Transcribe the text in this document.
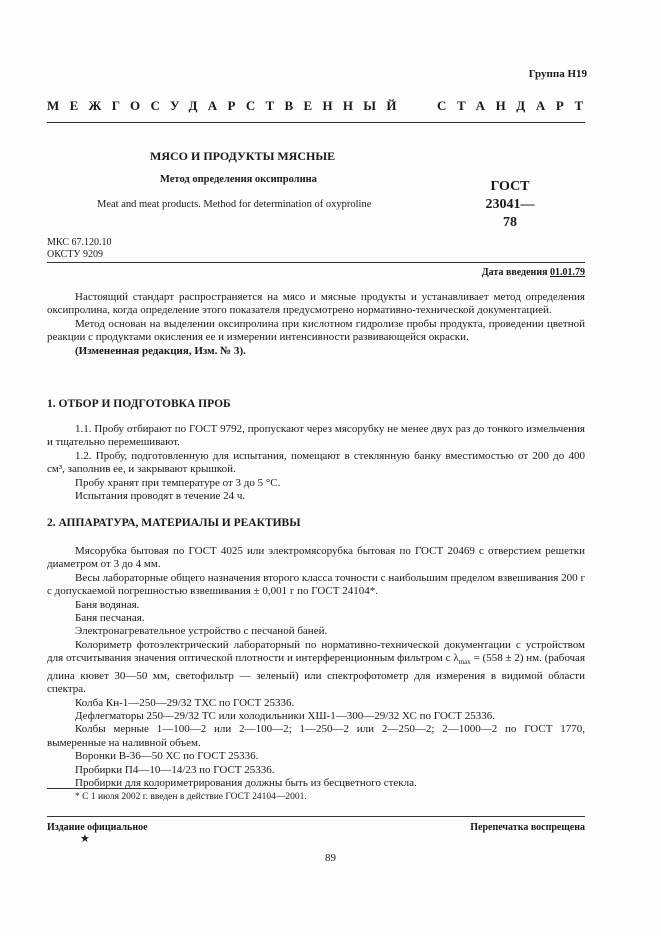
Группа Н19
МЕЖГОСУДАРСТВЕННЫЙ СТАНДАРТ
МЯСО И ПРОДУКТЫ МЯСНЫЕ
Метод определения оксипролина
Meat and meat products. Method for determination of oxyproline
ГОСТ
23041—78
МКС 67.120.10
ОКСТУ 9209
Дата введения 01.01.79

Настоящий стандарт распространяется на мясо и мясные продукты и устанавливает метод определения оксипролина, когда определение этого показателя предусмотрено нормативно-технической документацией.

Метод основан на выделении оксипролина при кислотном гидролизе пробы продукта, проведении цветной реакции с продуктами окисления ее и измерении интенсивности развивающейся окраски.

(Измененная редакция, Изм. № 3).

1. ОТБОР И ПОДГОТОВКА ПРОБ

1.1. Пробу отбирают по ГОСТ 9792, пропускают через мясорубку не менее двух раз до тонкого измельчения и тщательно перемешивают.

1.2. Пробу, подготовленную для испытания, помещают в стеклянную банку вместимостью от 200 до 400 см³, заполнив ее, и закрывают крышкой.

Пробу хранят при температуре от 3 до 5 °С.

Испытания проводят в течение 24 ч.

2. АППАРАТУРА, МАТЕРИАЛЫ И РЕАКТИВЫ

Мясорубка бытовая по ГОСТ 4025 или электромясорубка бытовая по ГОСТ 20469 с отверстием решетки диаметром от 3 до 4 мм.

Весы лабораторные общего назначения второго класса точности с наибольшим пределом взвешивания 200 г с допускаемой погрешностью взвешивания ± 0,001 г по ГОСТ 24104*.

Баня водяная.

Баня песчаная.

Электронагревательное устройство с песчаной баней.

Колориметр фотоэлектрический лабораторный по нормативно-технической документации с устройством для отсчитывания значения оптической плотности и интерференционным фильтром с $\lambda_{max} = (558 \pm 2)$ нм. (рабочая длина кювет 30—50 мм, светофильтр — зеленый) или спектрофотометр для измерения в видимой области спектра.

Колба Кн-1—250—29/32 ТХС по ГОСТ 25336.

Дефлегматоры 250—29/32 ТС или холодильники ХШ-1—300—29/32 ХС по ГОСТ 25336.

Колбы мерные 1—100—2 или 2—100—2; 1—250—2 или 2—250—2; 2—1000—2 по ГОСТ 1770, вымеренные на наливной объем.

Воронки В-36—50 ХС по ГОСТ 25336.

Пробирки П4—10—14/23 по ГОСТ 25336.

Пробирки для колориметрирования должны быть из бесцветного стекла.

* С 1 июля 2002 г. введен в действие ГОСТ 24104—2001.
Издание официальное	Перепечатка воспрещена
★
89
